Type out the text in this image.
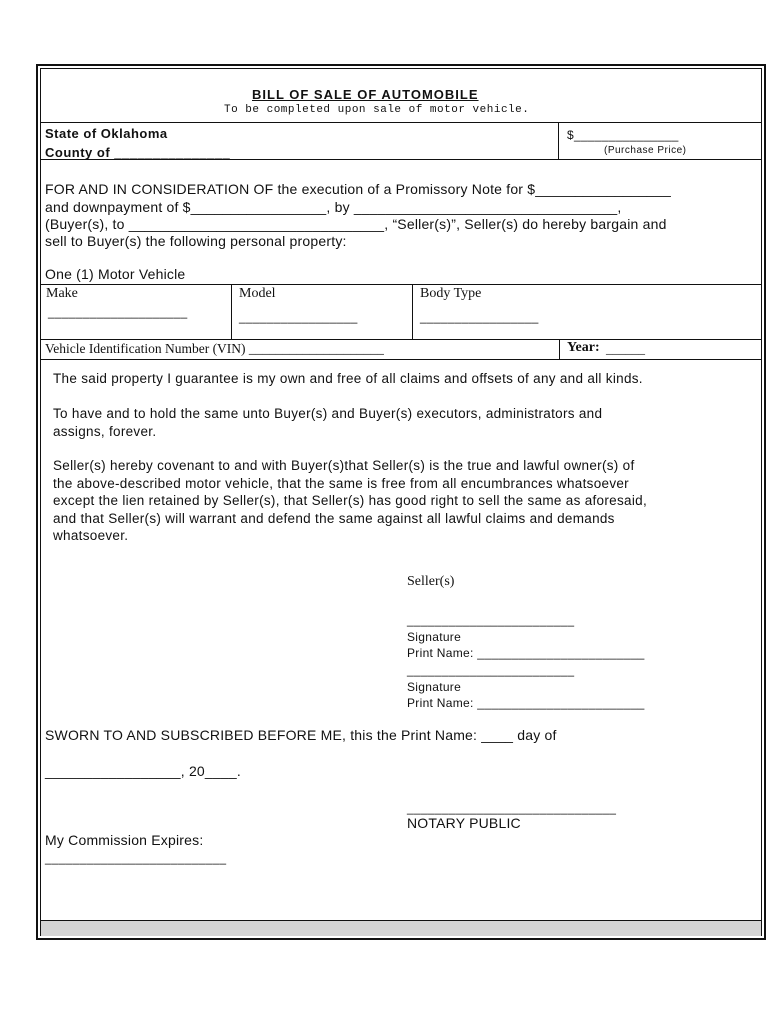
BILL OF SALE OF AUTOMOBILE
To be completed upon sale of motor vehicle.
State of Oklahoma
County of _______________
$_______________
(Purchase Price)
FOR AND IN CONSIDERATION OF the execution of a Promissory Note for $_________________
and downpayment of $_________________, by _________________________________,
(Buyer(s), to ________________________________, “Seller(s)”, Seller(s) do hereby bargain and
sell to Buyer(s) the following personal property:
One (1) Motor Vehicle
Make
____________________
Model
_________________
Body Type
_________________
Vehicle Identification Number (VIN) ____________________	Year: ______
The said property I guarantee is my own and free of all claims and offsets of any and all kinds.
To have and to hold the same unto Buyer(s) and Buyer(s) executors, administrators and
assigns, forever.
Seller(s) hereby covenant to and with Buyer(s)that Seller(s) is the true and lawful owner(s) of
the above-described motor vehicle, that the same is free from all encumbrances whatsoever
except the lien retained by Seller(s), that Seller(s) has good right to sell the same as aforesaid,
and that Seller(s) will warrant and defend the same against all lawful claims and demands
whatsoever.
Seller(s)
________________________
Signature
Print Name: ________________________
________________________
Signature
Print Name: ________________________
SWORN TO AND SUBSCRIBED BEFORE ME, this the Print Name: ____ day of
_________________, 20____.
______________________________
NOTARY PUBLIC
My Commission Expires:
__________________________
